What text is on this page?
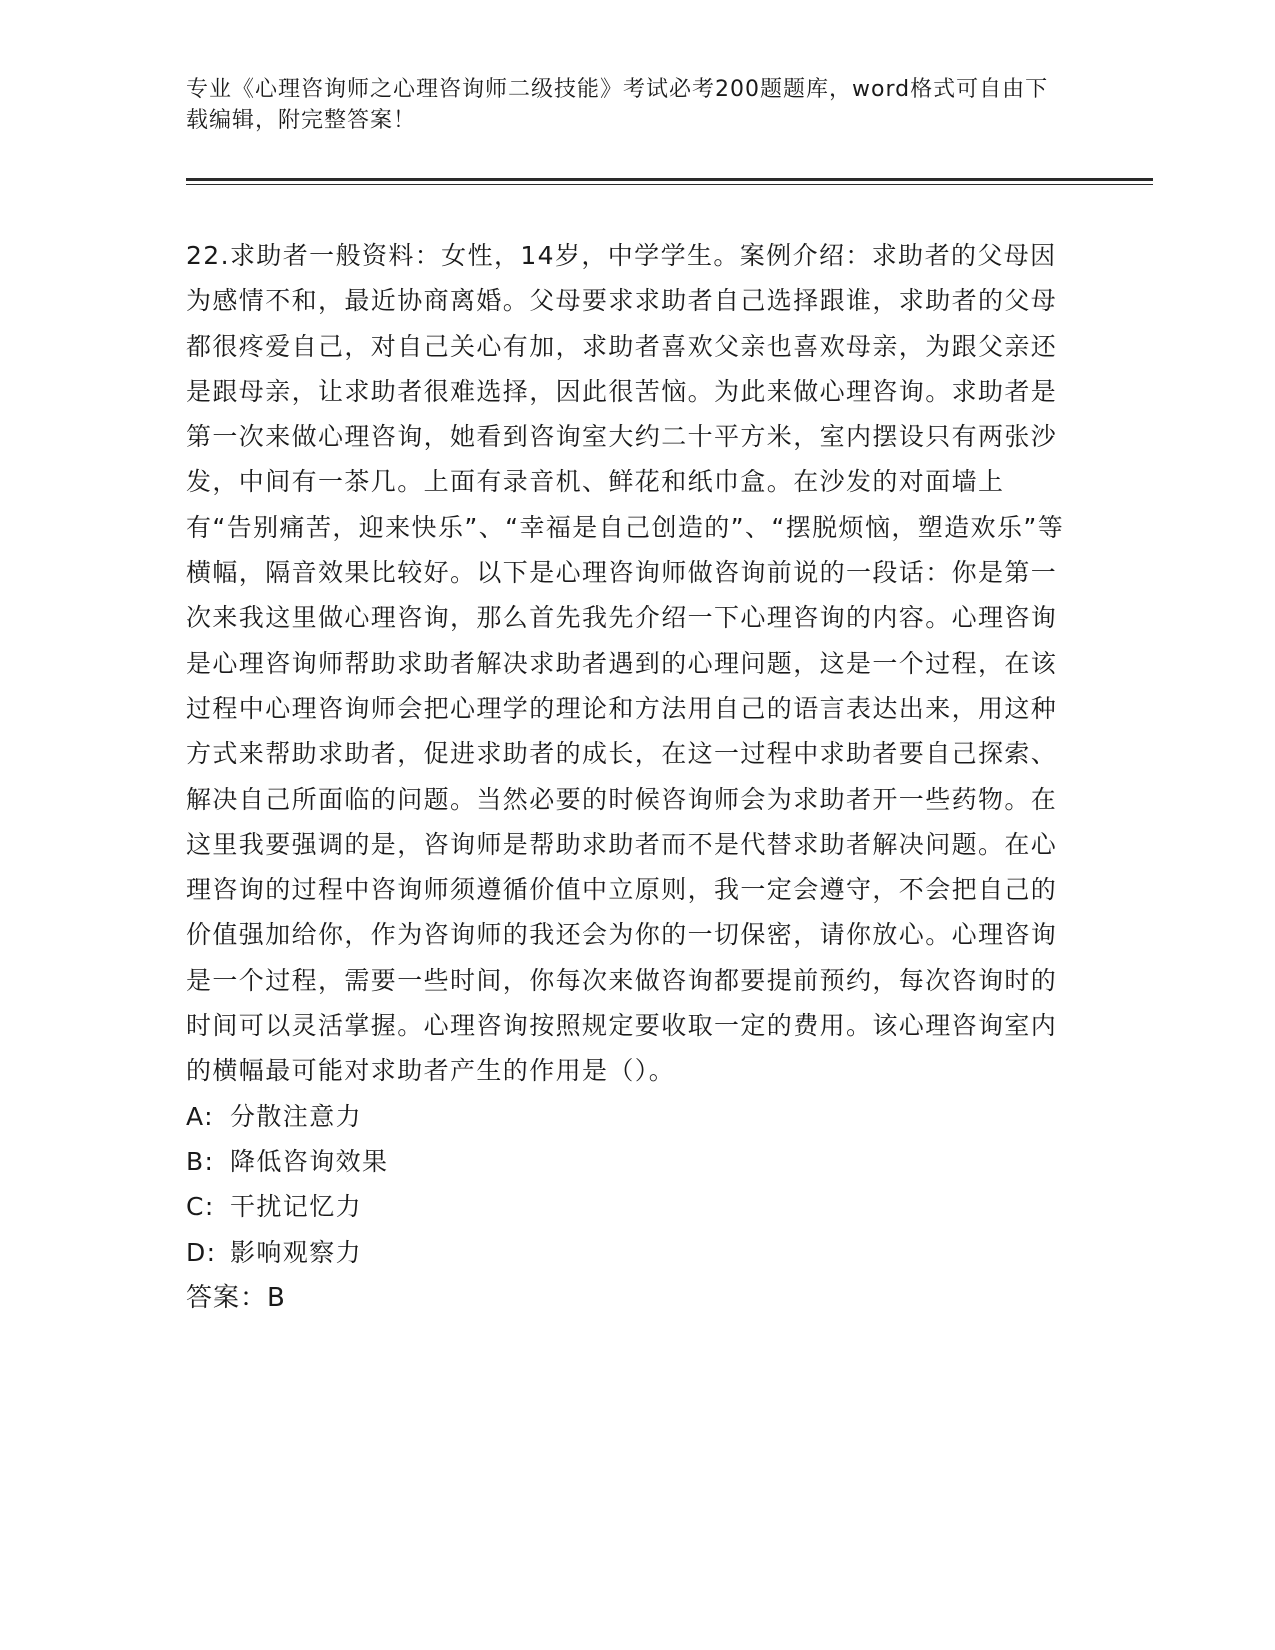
专业《心理咨询师之心理咨询师二级技能》考试必考200题题库，word格式可自由下载编辑，附完整答案！

22.求助者一般资料：女性，14岁，中学学生。案例介绍：求助者的父母因为感情不和，最近协商离婚。父母要求求助者自己选择跟谁，求助者的父母都很疼爱自己，对自己关心有加，求助者喜欢父亲也喜欢母亲，为跟父亲还是跟母亲，让求助者很难选择，因此很苦恼。为此来做心理咨询。求助者是第一次来做心理咨询，她看到咨询室大约二十平方米，室内摆设只有两张沙发，中间有一茶几。上面有录音机、鲜花和纸巾盒。在沙发的对面墙上有“告别痛苦，迎来快乐”、“幸福是自己创造的”、“摆脱烦恼，塑造欢乐”等横幅，隔音效果比较好。以下是心理咨询师做咨询前说的一段话：你是第一次来我这里做心理咨询，那么首先我先介绍一下心理咨询的内容。心理咨询是心理咨询师帮助求助者解决求助者遇到的心理问题，这是一个过程，在该过程中心理咨询师会把心理学的理论和方法用自己的语言表达出来，用这种方式来帮助求助者，促进求助者的成长，在这一过程中求助者要自己探索、解决自己所面临的问题。当然必要的时候咨询师会为求助者开一些药物。在这里我要强调的是，咨询师是帮助求助者而不是代替求助者解决问题。在心理咨询的过程中咨询师须遵循价值中立原则，我一定会遵守，不会把自己的价值强加给你，作为咨询师的我还会为你的一切保密，请你放心。心理咨询是一个过程，需要一些时间，你每次来做咨询都要提前预约，每次咨询时的时间可以灵活掌握。心理咨询按照规定要收取一定的费用。该心理咨询室内的横幅最可能对求助者产生的作用是（）。

A: 分散注意力
B: 降低咨询效果
C: 干扰记忆力
D: 影响观察力
答案：B
